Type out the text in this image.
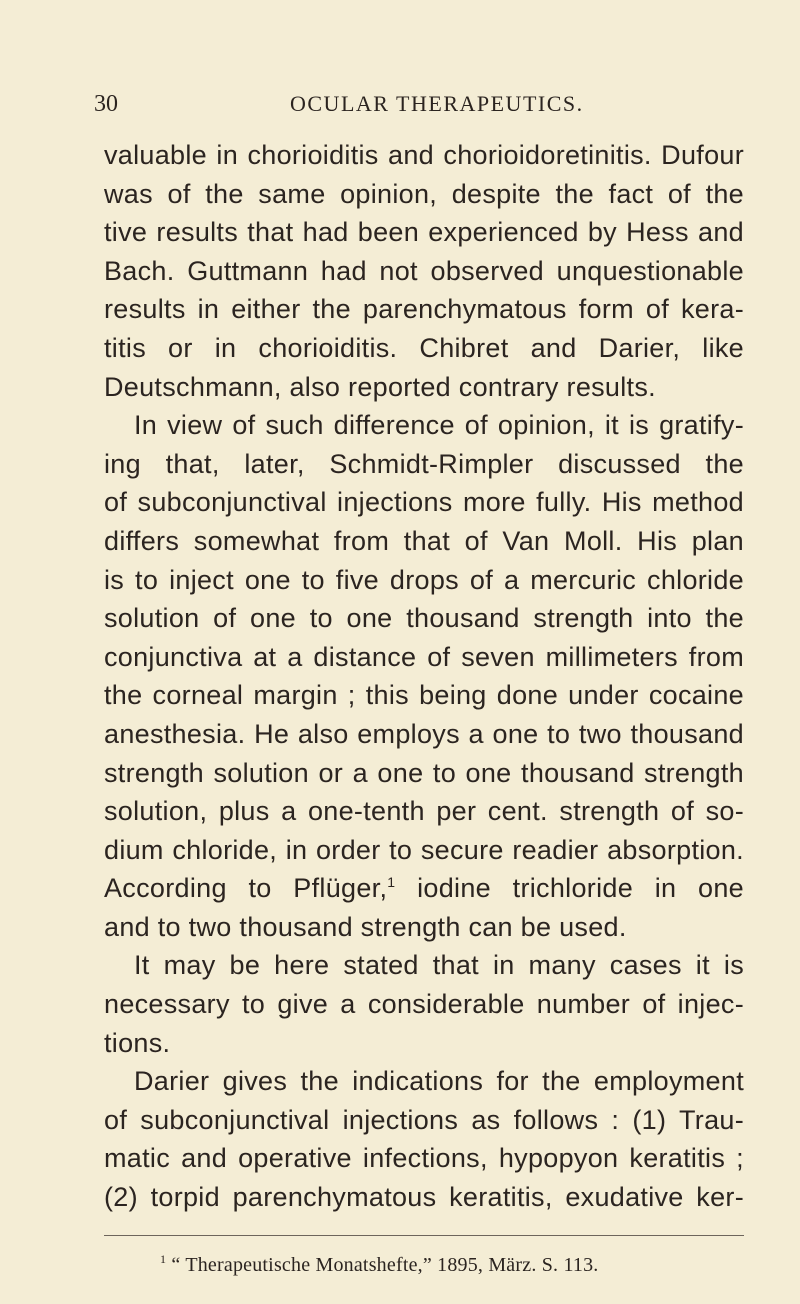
30	OCULAR THERAPEUTICS.
valuable in chorioiditis and chorioidoretinitis. Dufour
was of the same opinion, despite the fact of the
tive results that had been experienced by Hess and
Bach. Guttmann had not observed unquestionable
results in either the parenchymatous form of kera-
titis or in chorioiditis. Chibret and Darier, like
Deutschmann, also reported contrary results.
In view of such difference of opinion, it is gratify-
ing that, later, Schmidt-Rimpler discussed the
of subconjunctival injections more fully. His method
differs somewhat from that of Van Moll. His plan
is to inject one to five drops of a mercuric chloride
solution of one to one thousand strength into the
conjunctiva at a distance of seven millimeters from
the corneal margin ; this being done under cocaine
anesthesia. He also employs a one to two thousand
strength solution or a one to one thousand strength
solution, plus a one-tenth per cent. strength of so-
dium chloride, in order to secure readier absorption.
According to Pflüger,$^1$ iodine trichloride in one
and to two thousand strength can be used.
It may be here stated that in many cases it is
necessary to give a considerable number of injec-
tions.
Darier gives the indications for the employment
of subconjunctival injections as follows : (1) Trau-
matic and operative infections, hypopyon keratitis ;
(2) torpid parenchymatous keratitis, exudative ker-
$^1$ “ Therapeutische Monatshefte,” 1895, März. S. 113.
